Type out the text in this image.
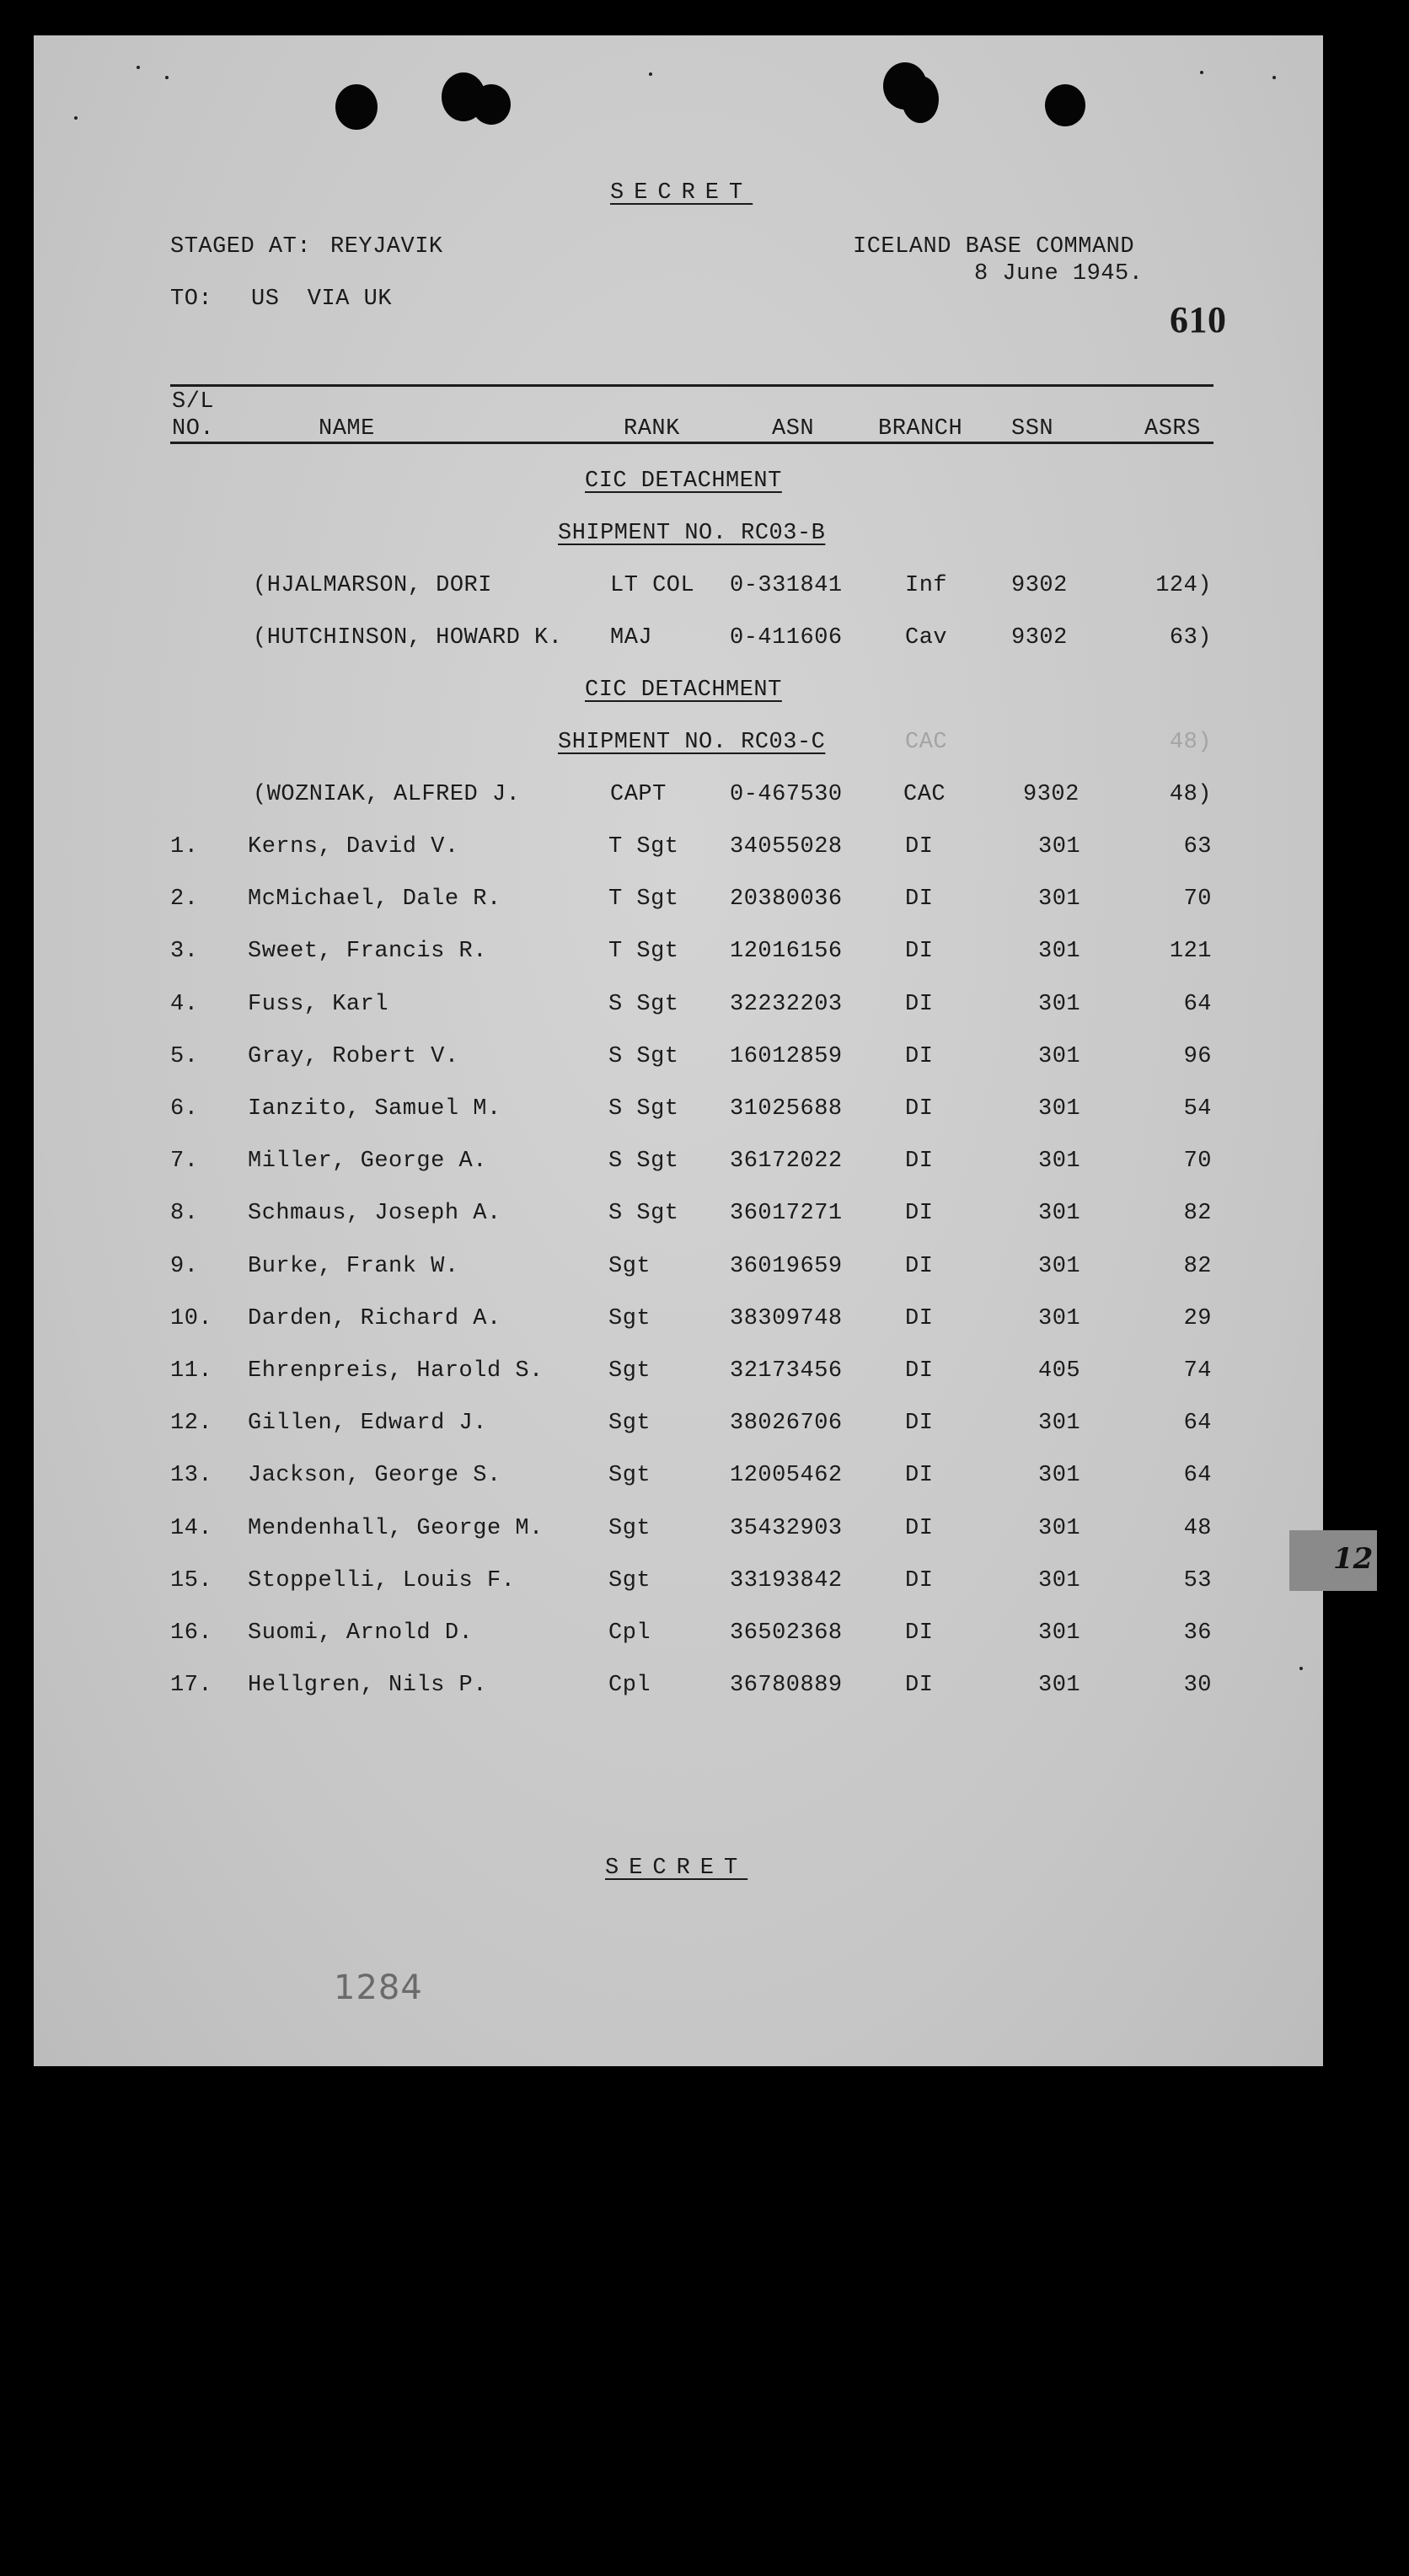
SECRET
STAGED AT: REYJAVIK	ICELAND BASE COMMAND
8 June 1945.
TO: US  VIA UK	610
S/L
NO.	NAME	RANK	ASN	BRANCH SSN	ASRS
CIC DETACHMENT
SHIPMENT NO. RC03-B
(HJALMARSON, DORI	LT COL 0-331841	Inf	9302	124)
(HUTCHINSON, HOWARD K. MAJ	0-411606	Cav	9302	63)
CIC DETACHMENT
SHIPMENT NO. RC03-C	CAC	48)
(WOZNIAK, ALFRED J.	CAPT	0-467530	CAC	9302	48)
1. Kerns, David V.	T Sgt 34055028	DI	301	63
2. McMichael, Dale R.	T Sgt 20380036	DI	301	70
3. Sweet, Francis R.	T Sgt 12016156	DI	301	121
4. Fuss, Karl	S Sgt 32232203	DI	301	64
5. Gray, Robert V.	S Sgt 16012859	DI	301	96
6. Ianzito, Samuel M.	S Sgt 31025688	DI	301	54
7. Miller, George A.	S Sgt 36172022	DI	301	70
8. Schmaus, Joseph A.	S Sgt 36017271	DI	301	82
9. Burke, Frank W.	Sgt	36019659	DI	301	82
10. Darden, Richard A.	Sgt	38309748	DI	301	29
11. Ehrenpreis, Harold S.	Sgt	32173456	DI	405	74
12. Gillen, Edward J.	Sgt	38026706	DI	301	64
13. Jackson, George S.	Sgt	12005462	DI	301	64
14. Mendenhall, George M.	Sgt	35432903	DI	301	48
15. Stoppelli, Louis F.	Sgt	33193842	DI	301	53
16. Suomi, Arnold D.	Cpl	36502368	DI	301	36
17. Hellgren, Nils P.	Cpl	36780889	DI	301	30
SECRET
1284
12
